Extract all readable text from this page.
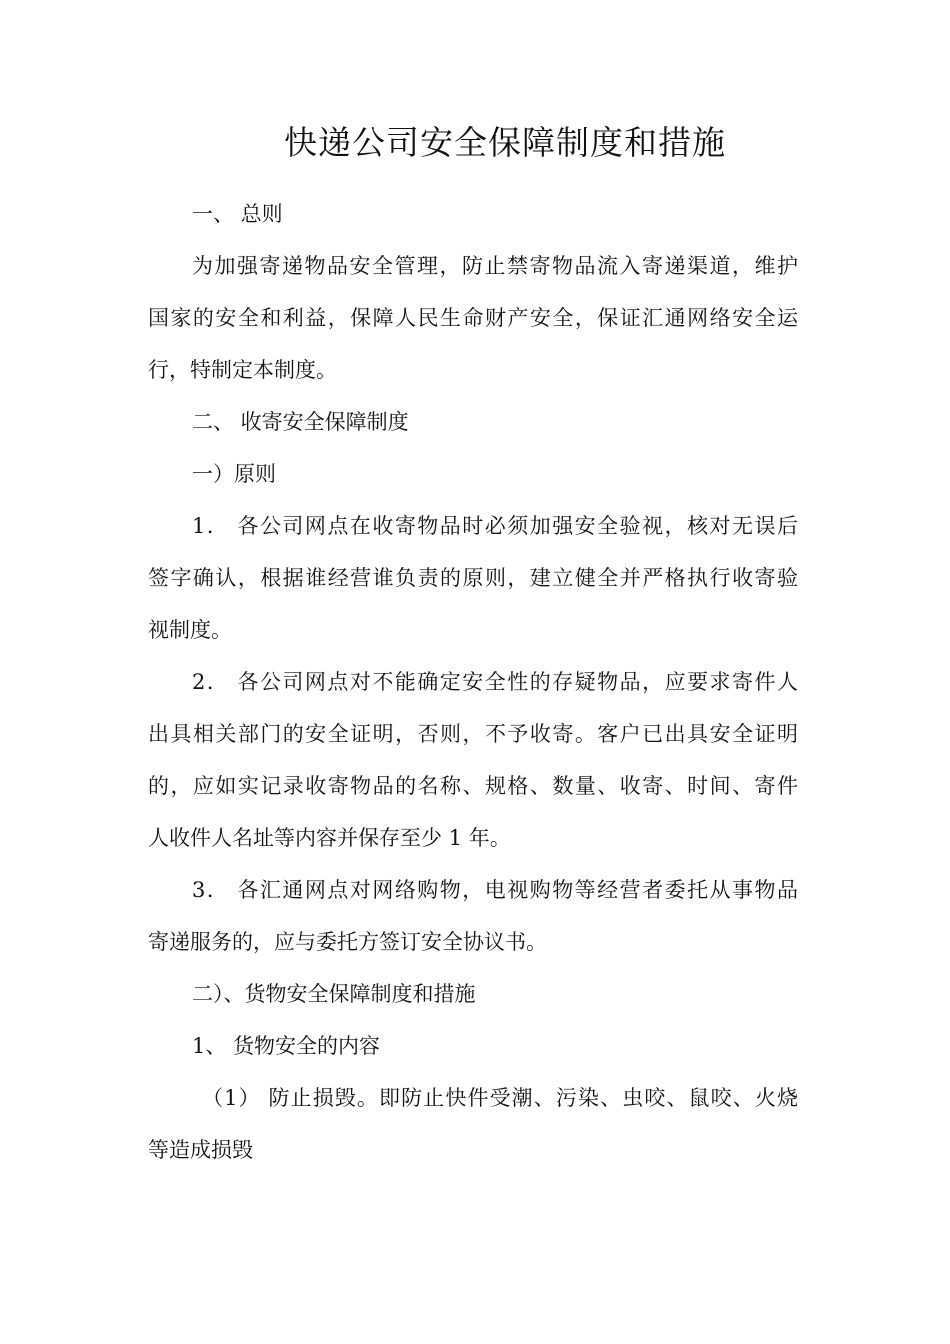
快递公司安全保障制度和措施
一、 总则
为加强寄递物品安全管理，防止禁寄物品流入寄递渠道，维护
国家的安全和利益，保障人民生命财产安全，保证汇通网络安全运
行，特制定本制度。
二、 收寄安全保障制度
一）原则
1． 各公司网点在收寄物品时必须加强安全验视，核对无误后
签字确认，根据谁经营谁负责的原则，建立健全并严格执行收寄验
视制度。
2． 各公司网点对不能确定安全性的存疑物品，应要求寄件人
出具相关部门的安全证明，否则，不予收寄。客户已出具安全证明
的，应如实记录收寄物品的名称、规格、数量、收寄、时间、寄件
人收件人名址等内容并保存至少 1 年。
3． 各汇通网点对网络购物，电视购物等经营者委托从事物品
寄递服务的，应与委托方签订安全协议书。
二）、货物安全保障制度和措施
1、 货物安全的内容
（1） 防止损毁。即防止快件受潮、污染、虫咬、鼠咬、火烧
等造成损毁
